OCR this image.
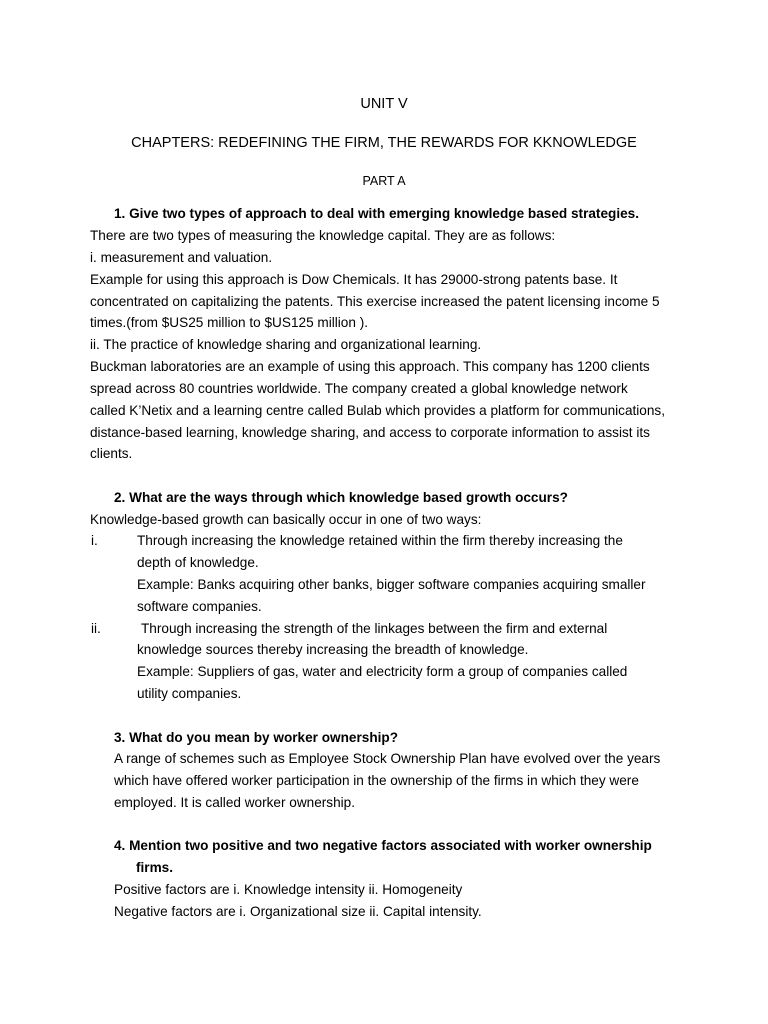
UNIT V
CHAPTERS: REDEFINING THE FIRM, THE REWARDS FOR KKNOWLEDGE
PART A
1. Give two types of approach to deal with emerging knowledge based strategies.
There are two types of measuring the knowledge capital. They are as follows:
i. measurement and valuation.
Example for using this approach is Dow Chemicals. It has 29000-strong patents base. It
concentrated on capitalizing the patents. This exercise increased the patent licensing income 5
times.(from $US25 million to $US125 million ).
ii. The practice of knowledge sharing and organizational learning.
Buckman laboratories are an example of using this approach. This company has 1200 clients
spread across 80 countries worldwide. The company created a global knowledge network
called K’Netix and a learning centre called Bulab which provides a platform for communications,
distance-based learning, knowledge sharing, and access to corporate information to assist its
clients.
2. What are the ways through which knowledge based growth occurs?
Knowledge-based growth can basically occur in one of two ways:
i.	Through increasing the knowledge retained within the firm thereby increasing the
depth of knowledge.
Example: Banks acquiring other banks, bigger software companies acquiring smaller
software companies.
ii.	Through increasing the strength of the linkages between the firm and external
knowledge sources thereby increasing the breadth of knowledge.
Example: Suppliers of gas, water and electricity form a group of companies called
utility companies.
3. What do you mean by worker ownership?
A range of schemes such as Employee Stock Ownership Plan have evolved over the years
which have offered worker participation in the ownership of the firms in which they were
employed. It is called worker ownership.
4. Mention two positive and two negative factors associated with worker ownership
firms.
Positive factors are i. Knowledge intensity ii. Homogeneity
Negative factors are i. Organizational size ii. Capital intensity.
